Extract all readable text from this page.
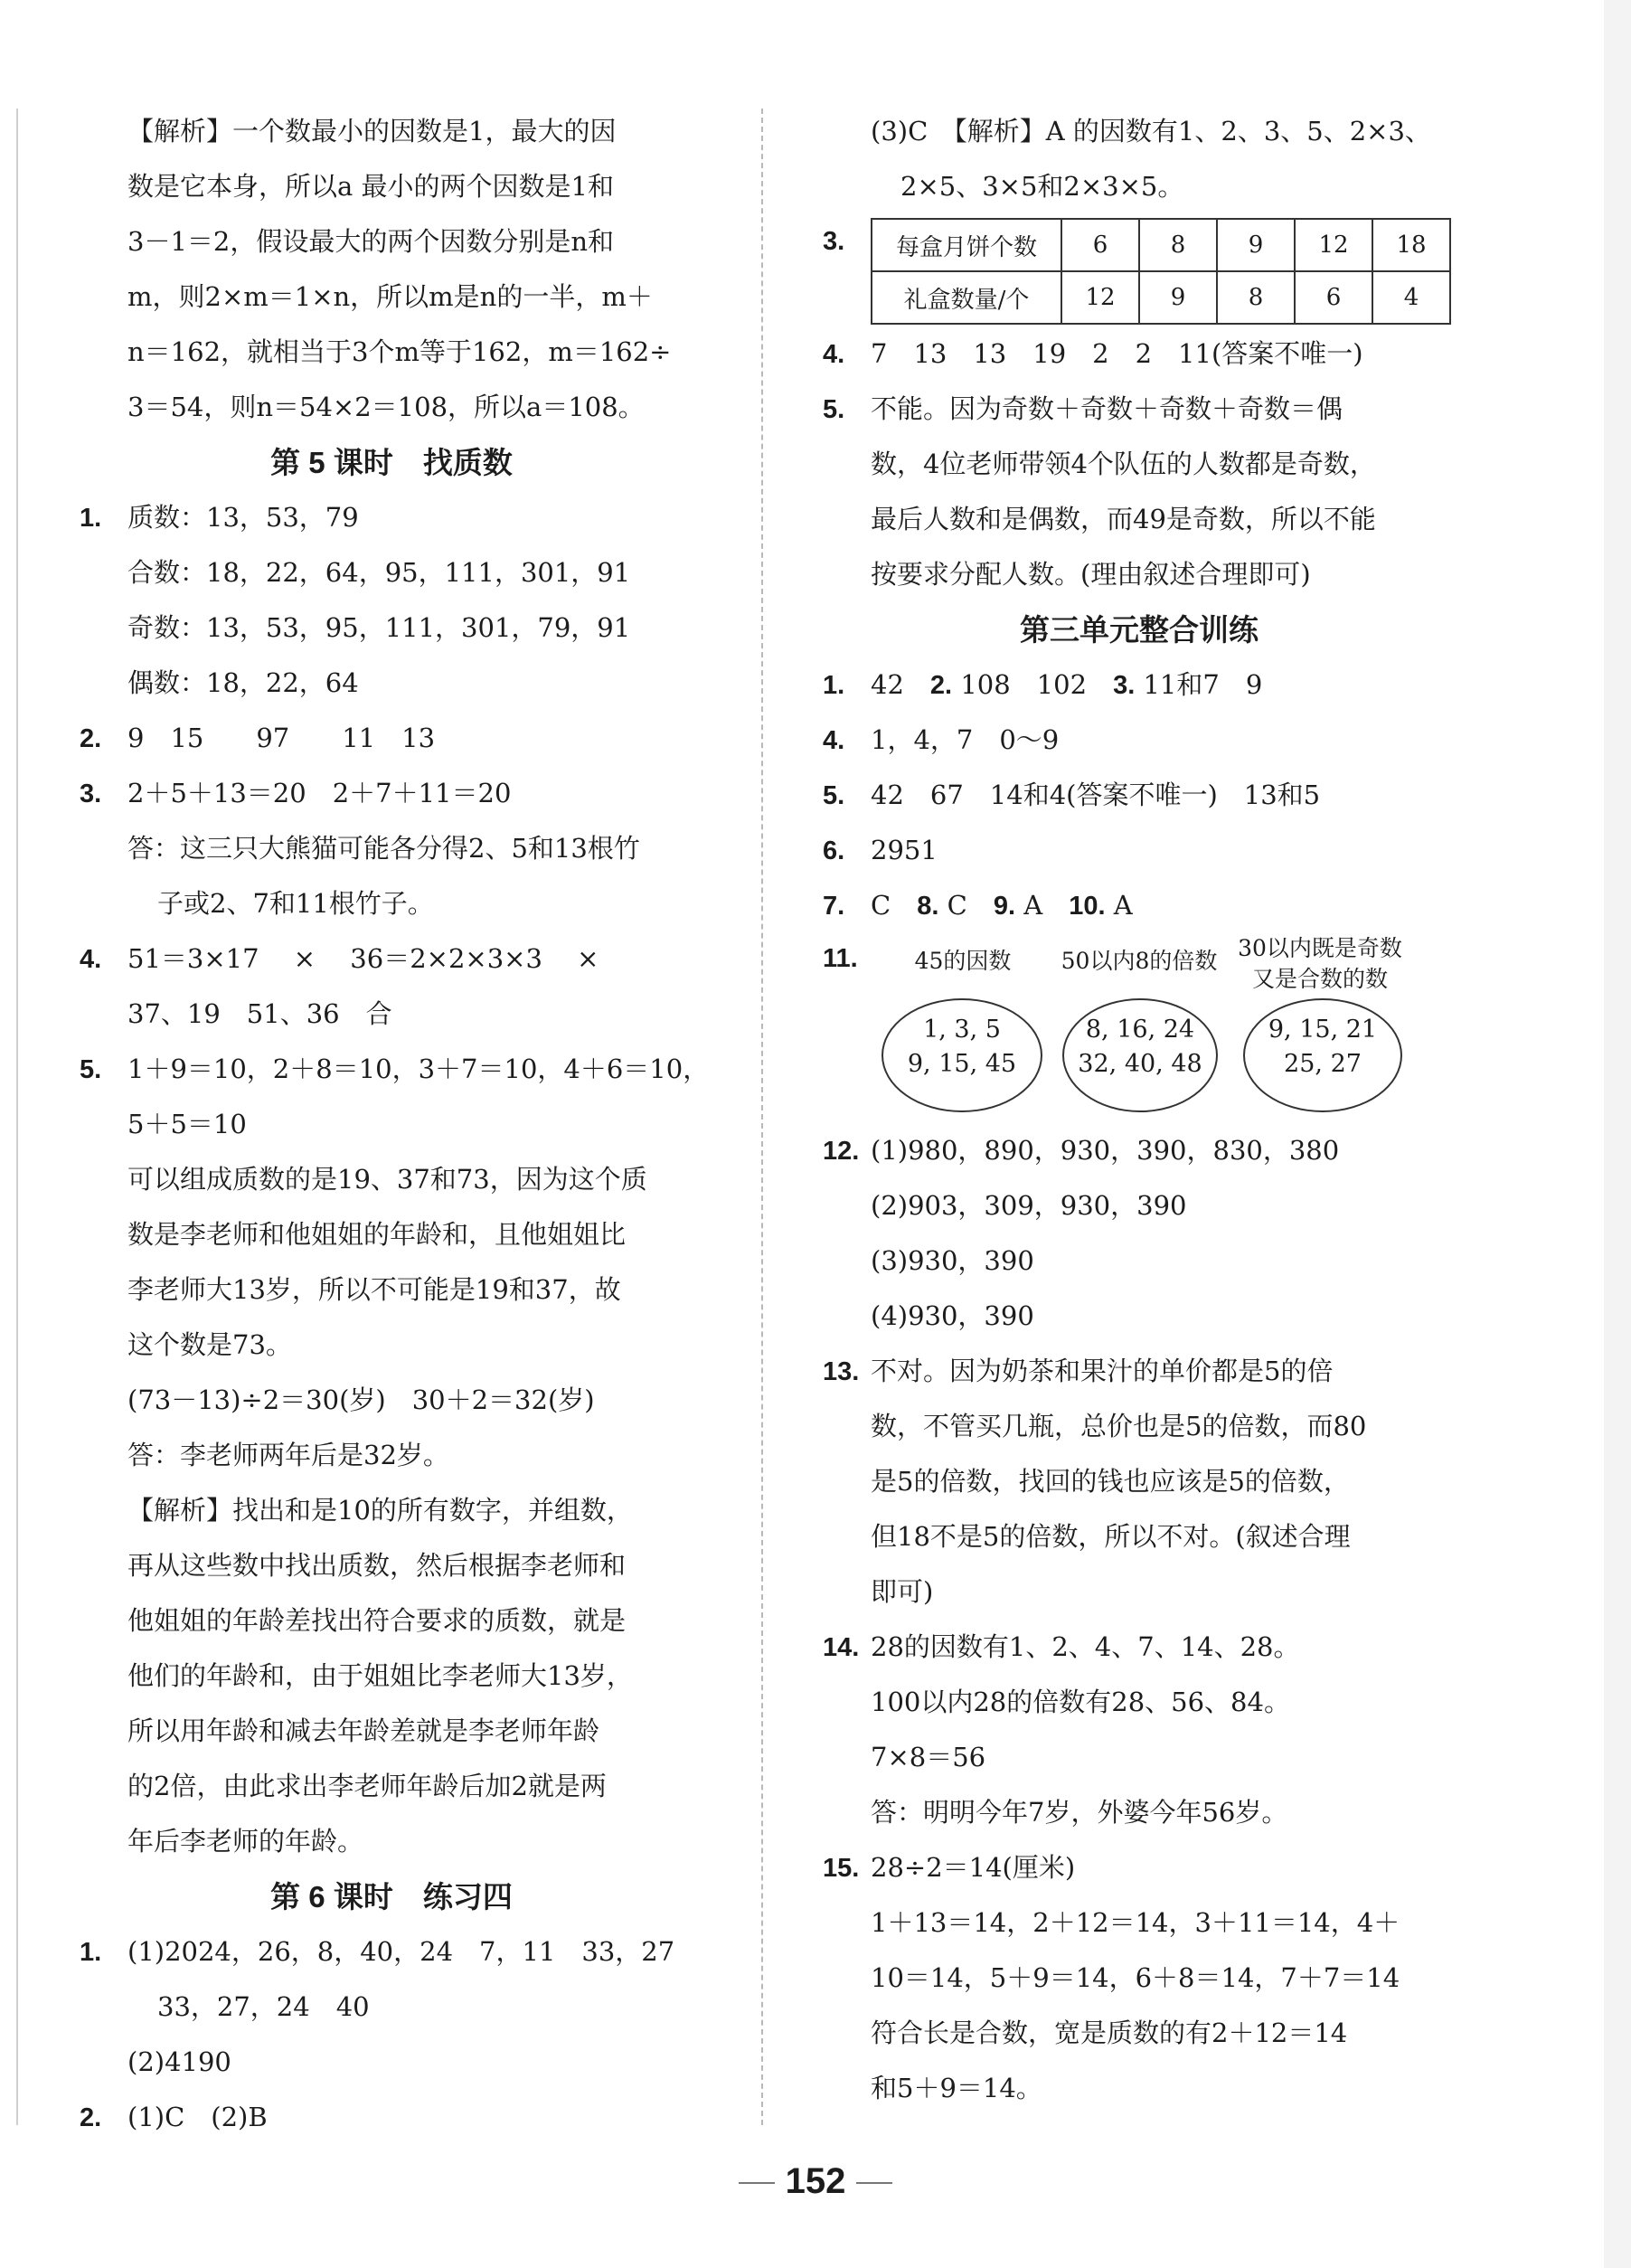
【解析】一个数最小的因数是1，最大的因
数是它本身，所以a 最小的两个因数是1和
3－1＝2，假设最大的两个因数分别是n和
m，则2×m＝1×n，所以m是n的一半，m＋
n＝162，就相当于3个m等于162，m＝162÷
3＝54，则n＝54×2＝108，所以a＝108。
第 5 课时　找质数
1. 质数：13，53，79
合数：18，22，64，95，111，301，91
奇数：13，53，95，111，301，79，91
偶数：18，22，64
2. 9　15　　97　　11　13
3. 2＋5＋13＝20　2＋7＋11＝20
答：这三只大熊猫可能各分得2、5和13根竹
子或2、7和11根竹子。
4. 51＝3×17　 ×　 36＝2×2×3×3　 ×
37、19　51、36　合
5. 1＋9＝10，2＋8＝10，3＋7＝10，4＋6＝10，
5＋5＝10
可以组成质数的是19、37和73，因为这个质
数是李老师和他姐姐的年龄和，且他姐姐比
李老师大13岁，所以不可能是19和37，故
这个数是73。
(73－13)÷2＝30(岁)　30＋2＝32(岁)
答：李老师两年后是32岁。
【解析】找出和是10的所有数字，并组数，
再从这些数中找出质数，然后根据李老师和
他姐姐的年龄差找出符合要求的质数，就是
他们的年龄和，由于姐姐比李老师大13岁，
所以用年龄和减去年龄差就是李老师年龄
的2倍，由此求出李老师年龄后加2就是两
年后李老师的年龄。
第 6 课时　练习四
1. (1)2024，26，8，40，24　7，11　33，27
33，27，24　40
(2)4190
2. (1)C　(2)B
(3)C　【解析】A 的因数有1、2、3、5、2×3、
2×5、3×5和2×3×5。
3.	每盒月饼个数	6	8	9	12	18
礼盒数量/个	12	9	8	6	4
4. 7　13　13　19　2　2　11(答案不唯一)
5. 不能。因为奇数＋奇数＋奇数＋奇数＝偶
数，4位老师带领4个队伍的人数都是奇数，
最后人数和是偶数，而49是奇数，所以不能
按要求分配人数。(理由叙述合理即可)
第三单元整合训练
1. 42　 2. 108　102　 3. 11和7　9
4. 1，4，7　0～9
5. 42　67　14和4(答案不唯一)　13和5
6. 2951
7. C　 8. C　 9. A　 10. A
11.	45的因数	50以内8的倍数 30以内既是奇数
又是合数的数
1, 3, 5
9, 15, 45
8, 16, 24
32, 40, 48
9, 15, 21
25, 27
12. (1)980，890，930，390，830，380
(2)903，309，930，390
(3)930，390
(4)930，390
13. 不对。因为奶茶和果汁的单价都是5的倍
数，不管买几瓶，总价也是5的倍数，而80
是5的倍数，找回的钱也应该是5的倍数，
但18不是5的倍数，所以不对。(叙述合理
即可)
14. 28的因数有1、2、4、7、14、28。
100以内28的倍数有28、56、84。
7×8＝56
答：明明今年7岁，外婆今年56岁。
15. 28÷2＝14(厘米)
1＋13＝14，2＋12＝14，3＋11＝14，4＋
10＝14，5＋9＝14，6＋8＝14，7＋7＝14
符合长是合数，宽是质数的有2＋12＝14
和5＋9＝14。
152
